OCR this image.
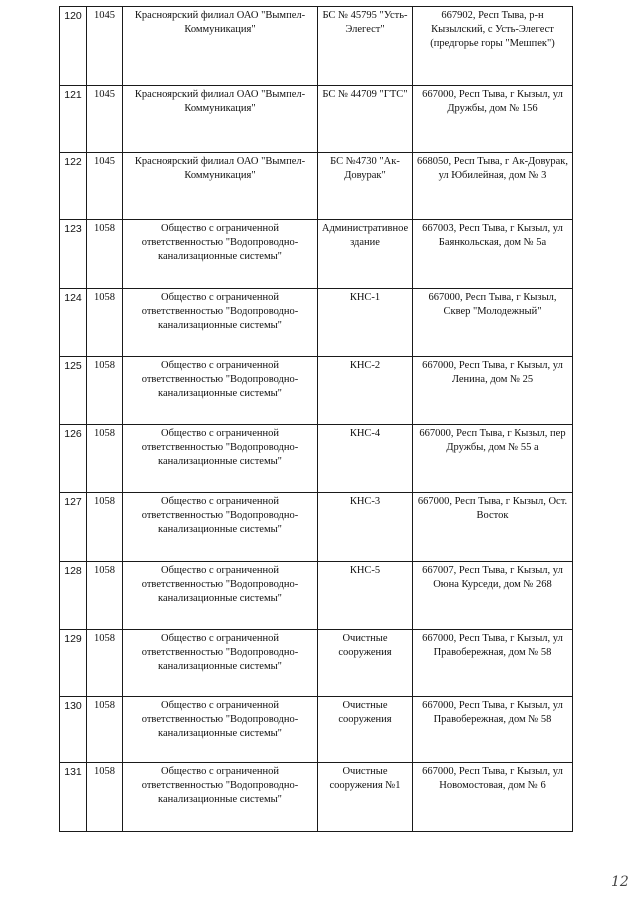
120	1045	Красноярский филиал ОАО "Вымпел-Коммуникация"	БС № 45795 "Усть-Элегест"	667902, Респ Тыва, р-н Кызылский, с Усть-Элегест (предгорье горы "Мешпек")
121	1045	Красноярский филиал ОАО "Вымпел-Коммуникация"	БС № 44709 "ГТС"	667000, Респ Тыва, г Кызыл, ул Дружбы, дом № 156
122	1045	Красноярский филиал ОАО "Вымпел-Коммуникация"	БС №4730 "Ак-Довурак"	668050, Респ Тыва, г Ак-Довурак, ул Юбилейная, дом № 3
123	1058	Общество с ограниченной ответственностью "Водопроводно-канализационные системы"	Административное здание	667003, Респ Тыва, г Кызыл, ул Баянкольская, дом № 5а
124	1058	Общество с ограниченной ответственностью "Водопроводно-канализационные системы"	КНС-1	667000, Респ Тыва, г Кызыл, Сквер "Молодежный"
125	1058	Общество с ограниченной ответственностью "Водопроводно-канализационные системы"	КНС-2	667000, Респ Тыва, г Кызыл, ул Ленина, дом № 25
126	1058	Общество с ограниченной ответственностью "Водопроводно-канализационные системы"	КНС-4	667000, Респ Тыва, г Кызыл, пер Дружбы, дом № 55 а
127	1058	Общество с ограниченной ответственностью "Водопроводно-канализационные системы"	КНС-3	667000, Респ Тыва, г Кызыл, Ост. Восток
128	1058	Общество с ограниченной ответственностью "Водопроводно-канализационные системы"	КНС-5	667007, Респ Тыва, г Кызыл, ул Оюна Курседи, дом № 268
129	1058	Общество с ограниченной ответственностью "Водопроводно-канализационные системы"	Очистные сооружения	667000, Респ Тыва, г Кызыл, ул Правобережная, дом № 58
130	1058	Общество с ограниченной ответственностью "Водопроводно-канализационные системы"	Очистные сооружения	667000, Респ Тыва, г Кызыл, ул Правобережная, дом № 58
131	1058	Общество с ограниченной ответственностью "Водопроводно-канализационные системы"	Очистные сооружения №1	667000, Респ Тыва, г Кызыл, ул Новомостовая, дом № 6
12
